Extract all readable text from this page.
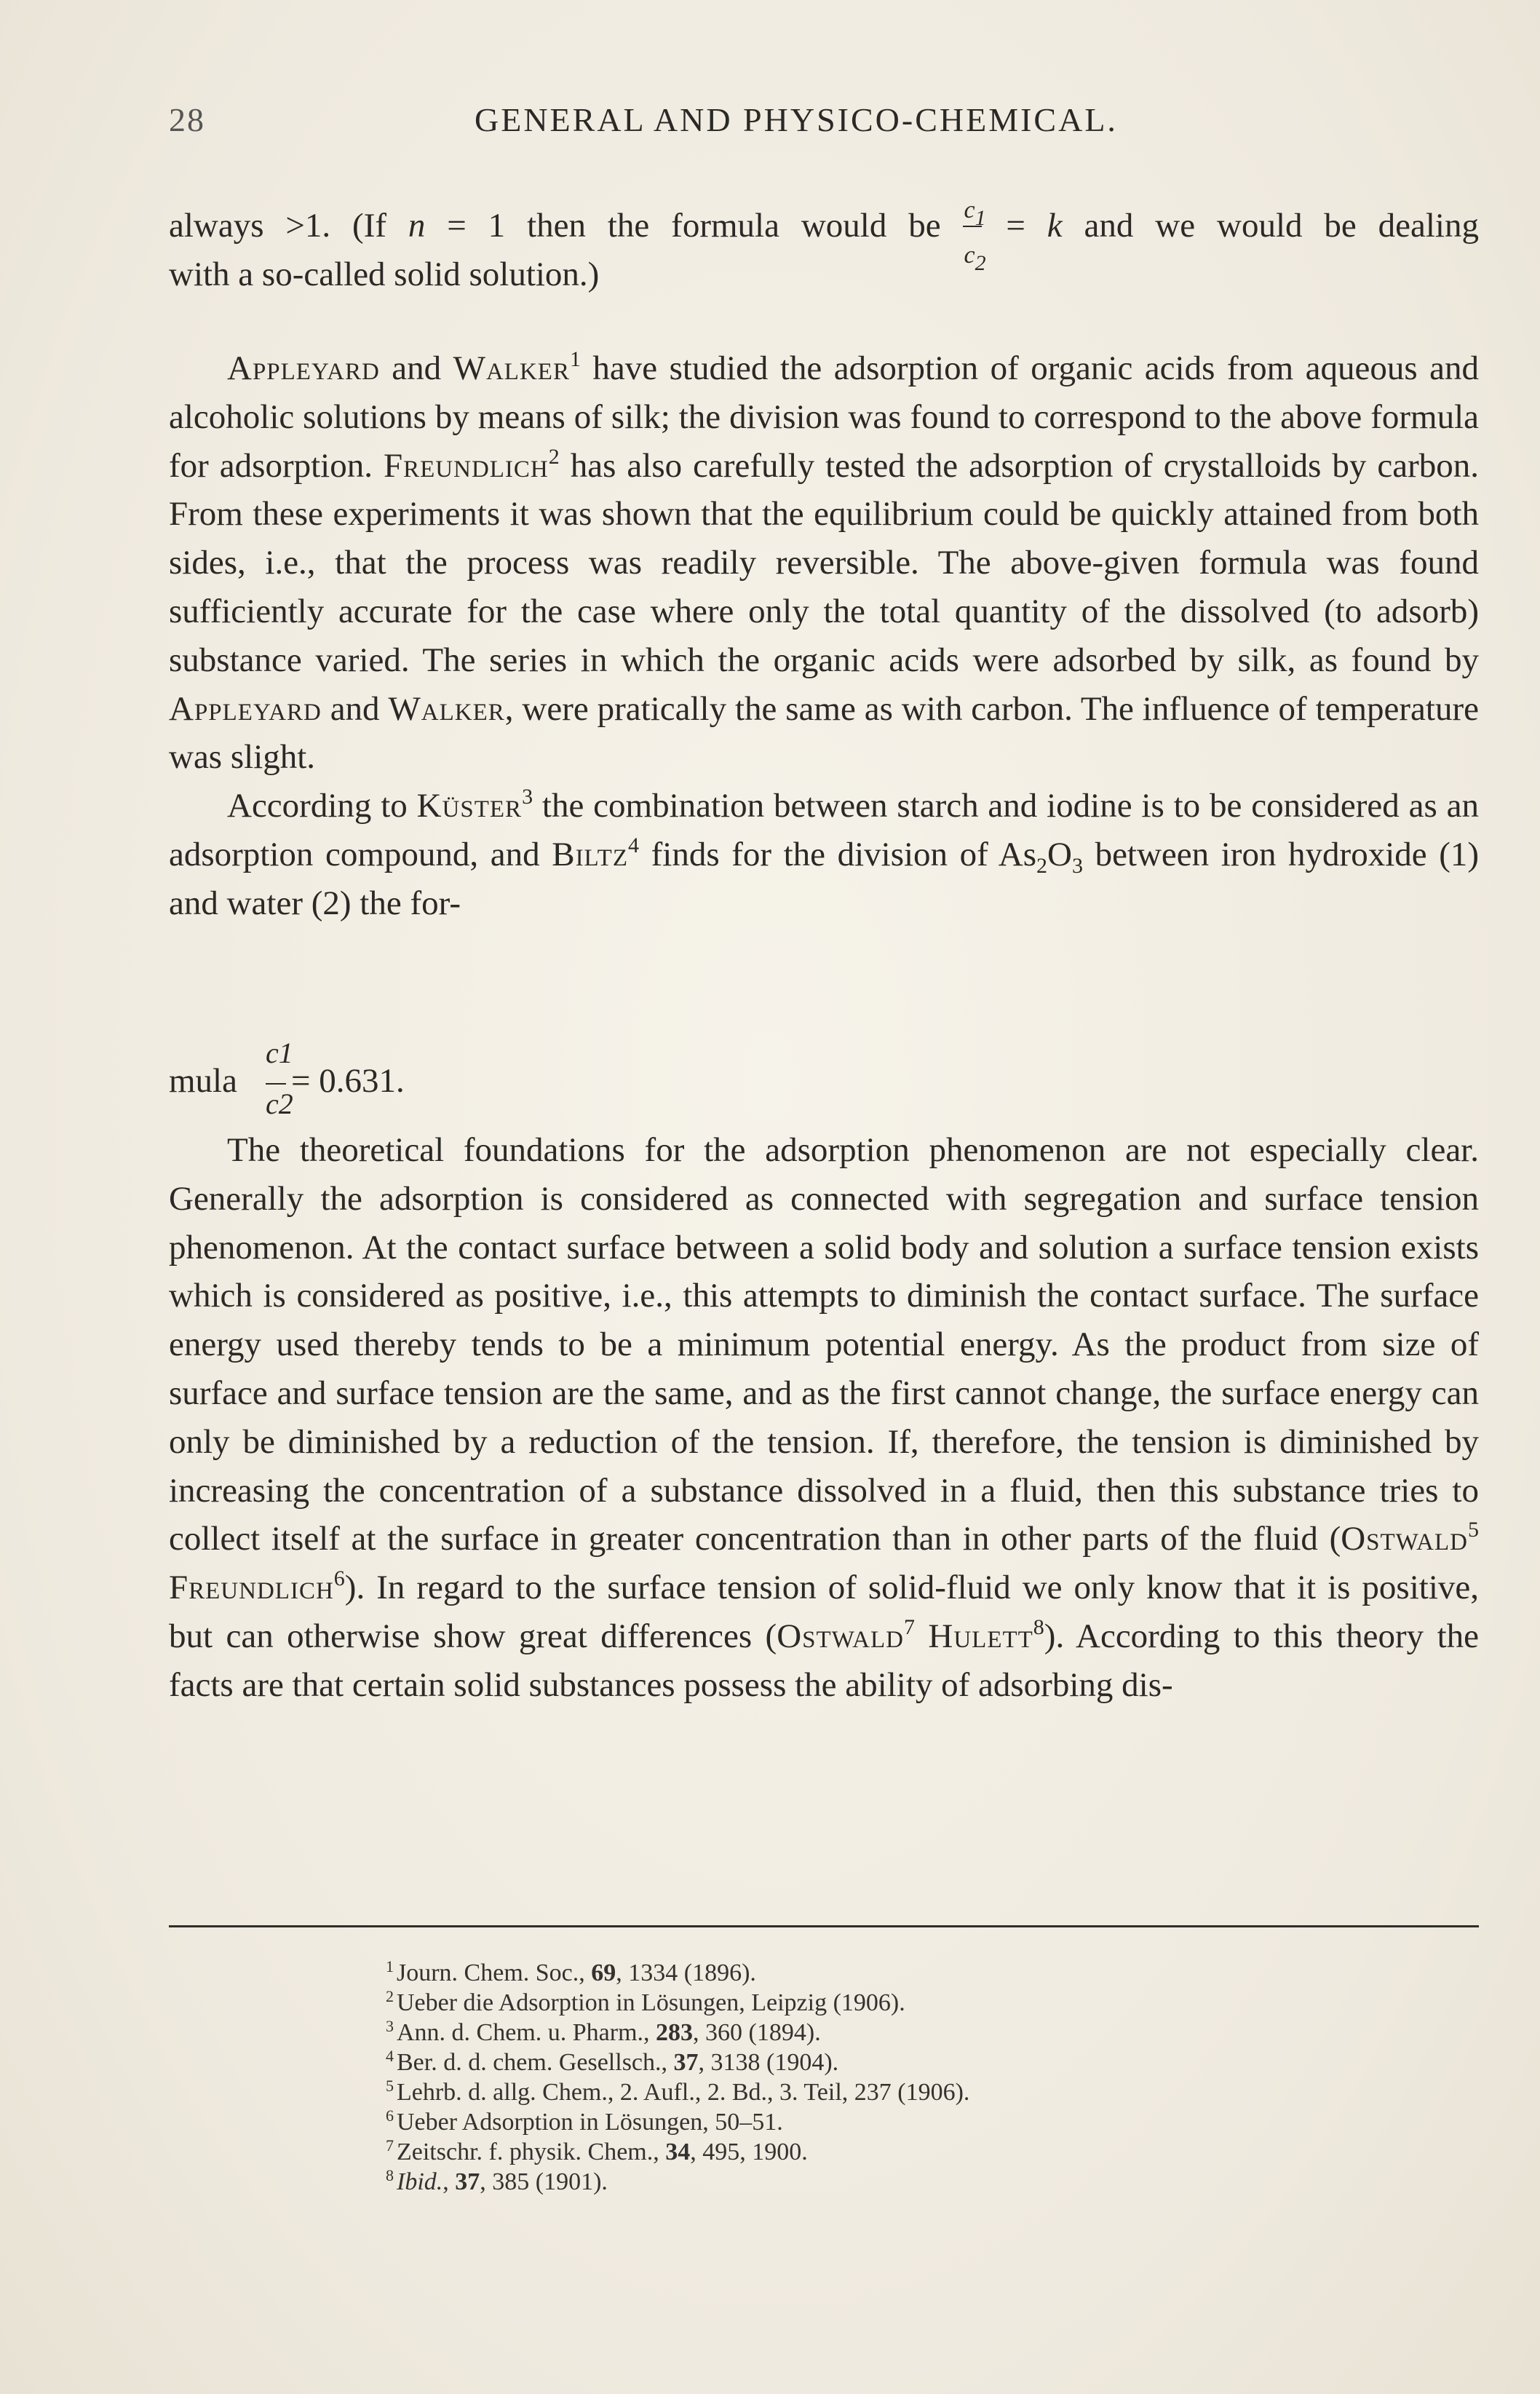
28	GENERAL AND PHYSICO-CHEMICAL.

always >1. (If n = 1 then the formula would be $\frac{c_1}{c_2} = k$ and we would be dealing

with a so-called solid solution.)

Appleyard and Walker$^1$ have studied the adsorption of organic acids from aqueous and alcoholic solutions by means of silk; the division was found to correspond to the above formula for adsorption. Freundlich$^2$ has also carefully tested the adsorption of crystalloids by carbon. From these experiments it was shown that the equilibrium could be quickly attained from both sides, i.e., that the process was readily reversible. The above-given formula was found sufficiently accurate for the case where only the total quantity of the dissolved (to adsorb) substance varied. The series in which the organic acids were adsorbed by silk, as found by Appleyard and Walker, were pratically the same as with carbon. The influence of temperature was slight.

According to Küster$^3$ the combination between starch and iodine is to be considered as an adsorption compound, and Biltz$^4$ finds for the division of $As_2O_3$ between iron hydroxide (1) and water (2) the for-

mula
c1
c2
= 0.631.

The theoretical foundations for the adsorption phenomenon are not especially clear. Generally the adsorption is considered as connected with segregation and surface tension phenomenon. At the contact surface between a solid body and solution a surface tension exists which is considered as positive, i.e., this attempts to diminish the contact surface. The surface energy used thereby tends to be a minimum potential energy. As the product from size of surface and surface tension are the same, and as the first cannot change, the surface energy can only be diminished by a reduction of the tension. If, therefore, the tension is diminished by increasing the concentration of a substance dissolved in a fluid, then this substance tries to collect itself at the surface in greater concentration than in other parts of the fluid (Ostwald$^5$ Freundlich$^6$). In regard to the surface tension of solid-fluid we only know that it is positive, but can otherwise show great differences (Ostwald$^7$ Hulett$^8$). According to this theory the facts are that certain solid substances possess the ability of adsorbing dis-

$^1$ Journ. Chem. Soc., 69, 1334 (1896).
$^2$ Ueber die Adsorption in Lösungen, Leipzig (1906).
$^3$ Ann. d. Chem. u. Pharm., 283, 360 (1894).
$^4$ Ber. d. d. chem. Gesellsch., 37, 3138 (1904).
$^5$ Lehrb. d. allg. Chem., 2. Aufl., 2. Bd., 3. Teil, 237 (1906).
$^6$ Ueber Adsorption in Lösungen, 50–51.
$^7$ Zeitschr. f. physik. Chem., 34, 495, 1900.
$^8$ Ibid., 37, 385 (1901).
